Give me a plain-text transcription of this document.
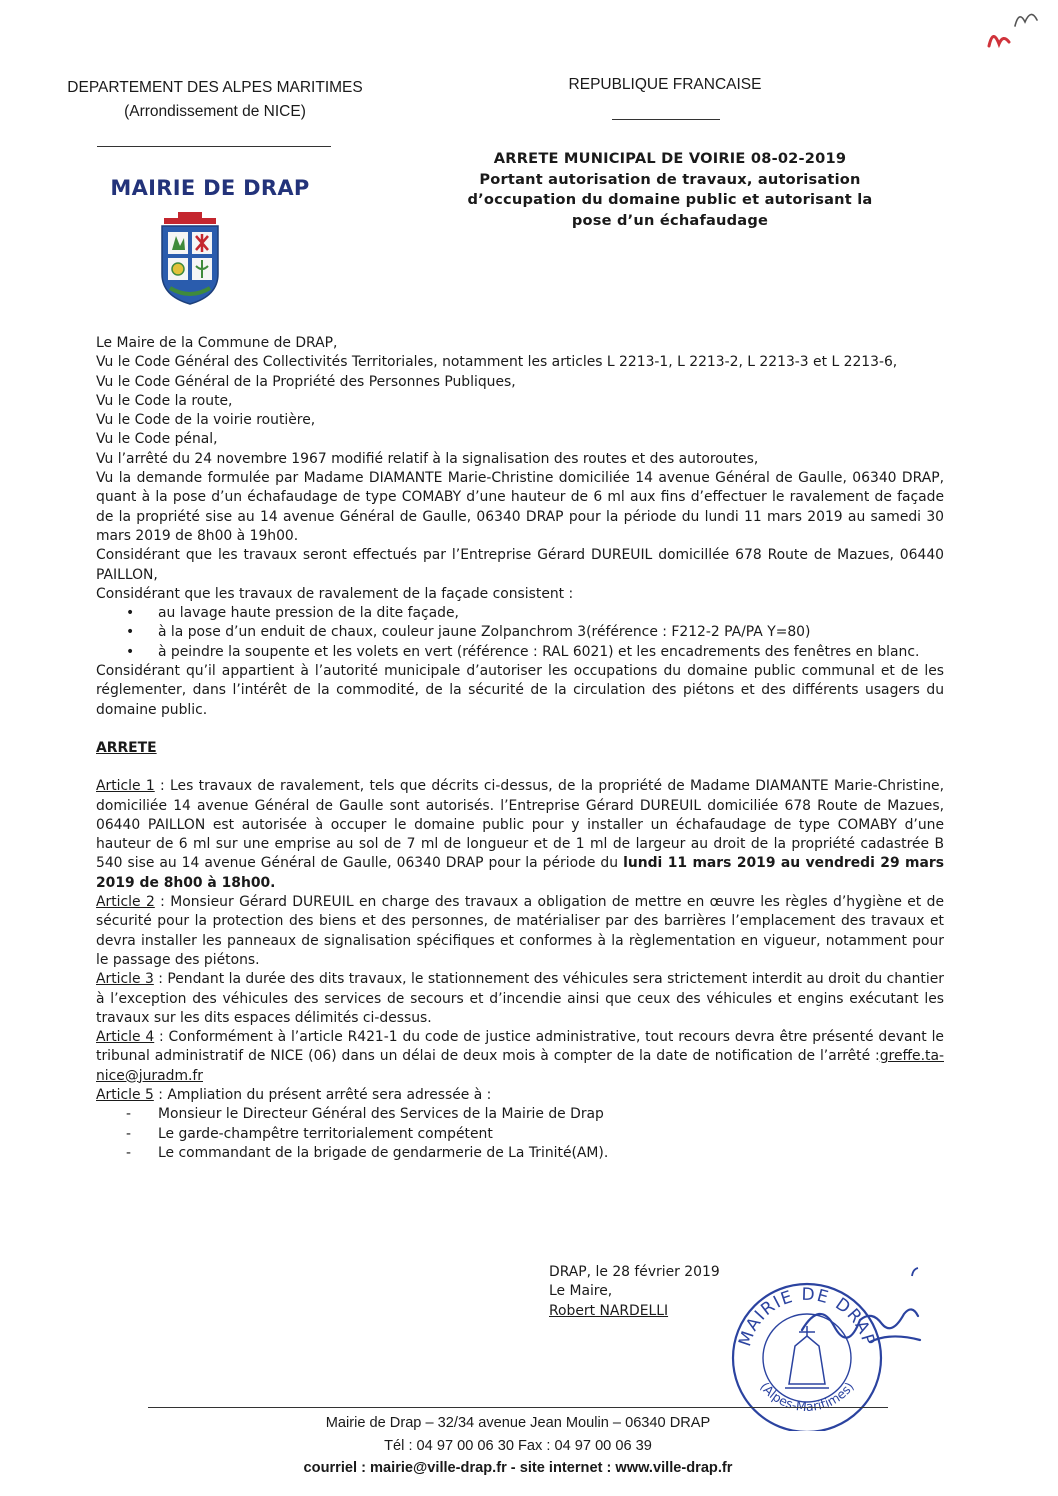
DEPARTEMENT DES ALPES MARITIMES
(Arrondissement de NICE)
REPUBLIQUE FRANCAISE
MAIRIE DE DRAP
ARRETE MUNICIPAL DE VOIRIE 08-02-2019
Portant autorisation de travaux, autorisation
d’occupation du domaine public et autorisant la
pose d’un échafaudage

Le Maire de la Commune de DRAP,

Vu le Code Général des Collectivités Territoriales, notamment les articles L 2213-1, L 2213-2, L 2213-3 et L 2213-6,

Vu le Code Général de la Propriété des Personnes Publiques,

Vu le Code la route,

Vu le Code de la voirie routière,

Vu le Code pénal,

Vu l’arrêté du 24 novembre 1967 modifié relatif à la signalisation des routes et des autoroutes,

Vu la demande formulée par Madame DIAMANTE Marie-Christine domiciliée 14 avenue Général de Gaulle, 06340 DRAP, quant à la pose d’un échafaudage de type COMABY d’une hauteur de 6 ml aux fins d’effectuer le ravalement de façade de la propriété sise au 14 avenue Général de Gaulle, 06340 DRAP pour la période du lundi 11 mars 2019 au samedi 30 mars 2019 de 8h00 à 19h00.

Considérant que les travaux seront effectués par l’Entreprise Gérard DUREUIL domicillée 678 Route de Mazues, 06440 PAILLON,

Considérant que les travaux de ravalement de la façade consistent :

• au lavage haute pression de la dite façade,
• à la pose d’un enduit de chaux, couleur jaune Zolpanchrom 3(référence : F212-2 PA/PA Y=80)
• à peindre la soupente et les volets en vert (référence : RAL 6021) et les encadrements des fenêtres en blanc.

Considérant qu’il appartient à l’autorité municipale d’autoriser les occupations du domaine public communal et de les réglementer, dans l’intérêt de la commodité, de la sécurité de la circulation des piétons et des différents usagers du domaine public.

ARRETE

Article 1 : Les travaux de ravalement, tels que décrits ci-dessus, de la propriété de Madame DIAMANTE Marie-Christine, domiciliée 14 avenue Général de Gaulle sont autorisés. l’Entreprise Gérard DUREUIL domiciliée 678 Route de Mazues, 06440 PAILLON est autorisée à occuper le domaine public pour y installer un échafaudage de type COMABY d’une hauteur de 6 ml sur une emprise au sol de 7 ml de longueur et de 1 ml de largeur au droit de la propriété cadastrée B 540 sise au 14 avenue Général de Gaulle, 06340 DRAP pour la période du lundi 11 mars 2019 au vendredi 29 mars 2019 de 8h00 à 18h00.

Article 2 : Monsieur Gérard DUREUIL en charge des travaux a obligation de mettre en œuvre les règles d’hygiène et de sécurité pour la protection des biens et des personnes, de matérialiser par des barrières l’emplacement des travaux et devra installer les panneaux de signalisation spécifiques et conformes à la règlementation en vigueur, notamment pour le passage des piétons.

Article 3 : Pendant la durée des dits travaux, le stationnement des véhicules sera strictement interdit au droit du chantier à l’exception des véhicules des services de secours et d’incendie ainsi que ceux des véhicules et engins exécutant les travaux sur les dits espaces délimités ci-dessus.

Article 4 : Conformément à l’article R421-1 du code de justice administrative, tout recours devra être présenté devant le tribunal administratif de NICE (06) dans un délai de deux mois à compter de la date de notification de l’arrêté :greffe.ta-nice@juradm.fr

Article 5 : Ampliation du présent arrêté sera adressée à :

- Monsieur le Directeur Général des Services de la Mairie de Drap
- Le garde-champêtre territorialement compétent
- Le commandant de la brigade de gendarmerie de La Trinité(AM).
DRAP, le 28 février 2019
Le Maire,
Robert NARDELLI
MAIRIE DE DRAP
(Alpes-Maritimes)
Mairie de Drap – 32/34 avenue Jean Moulin – 06340 DRAP
Tél : 04 97 00 06 30 Fax : 04 97 00 06 39
courriel : mairie@ville-drap.fr - site internet : www.ville-drap.fr
